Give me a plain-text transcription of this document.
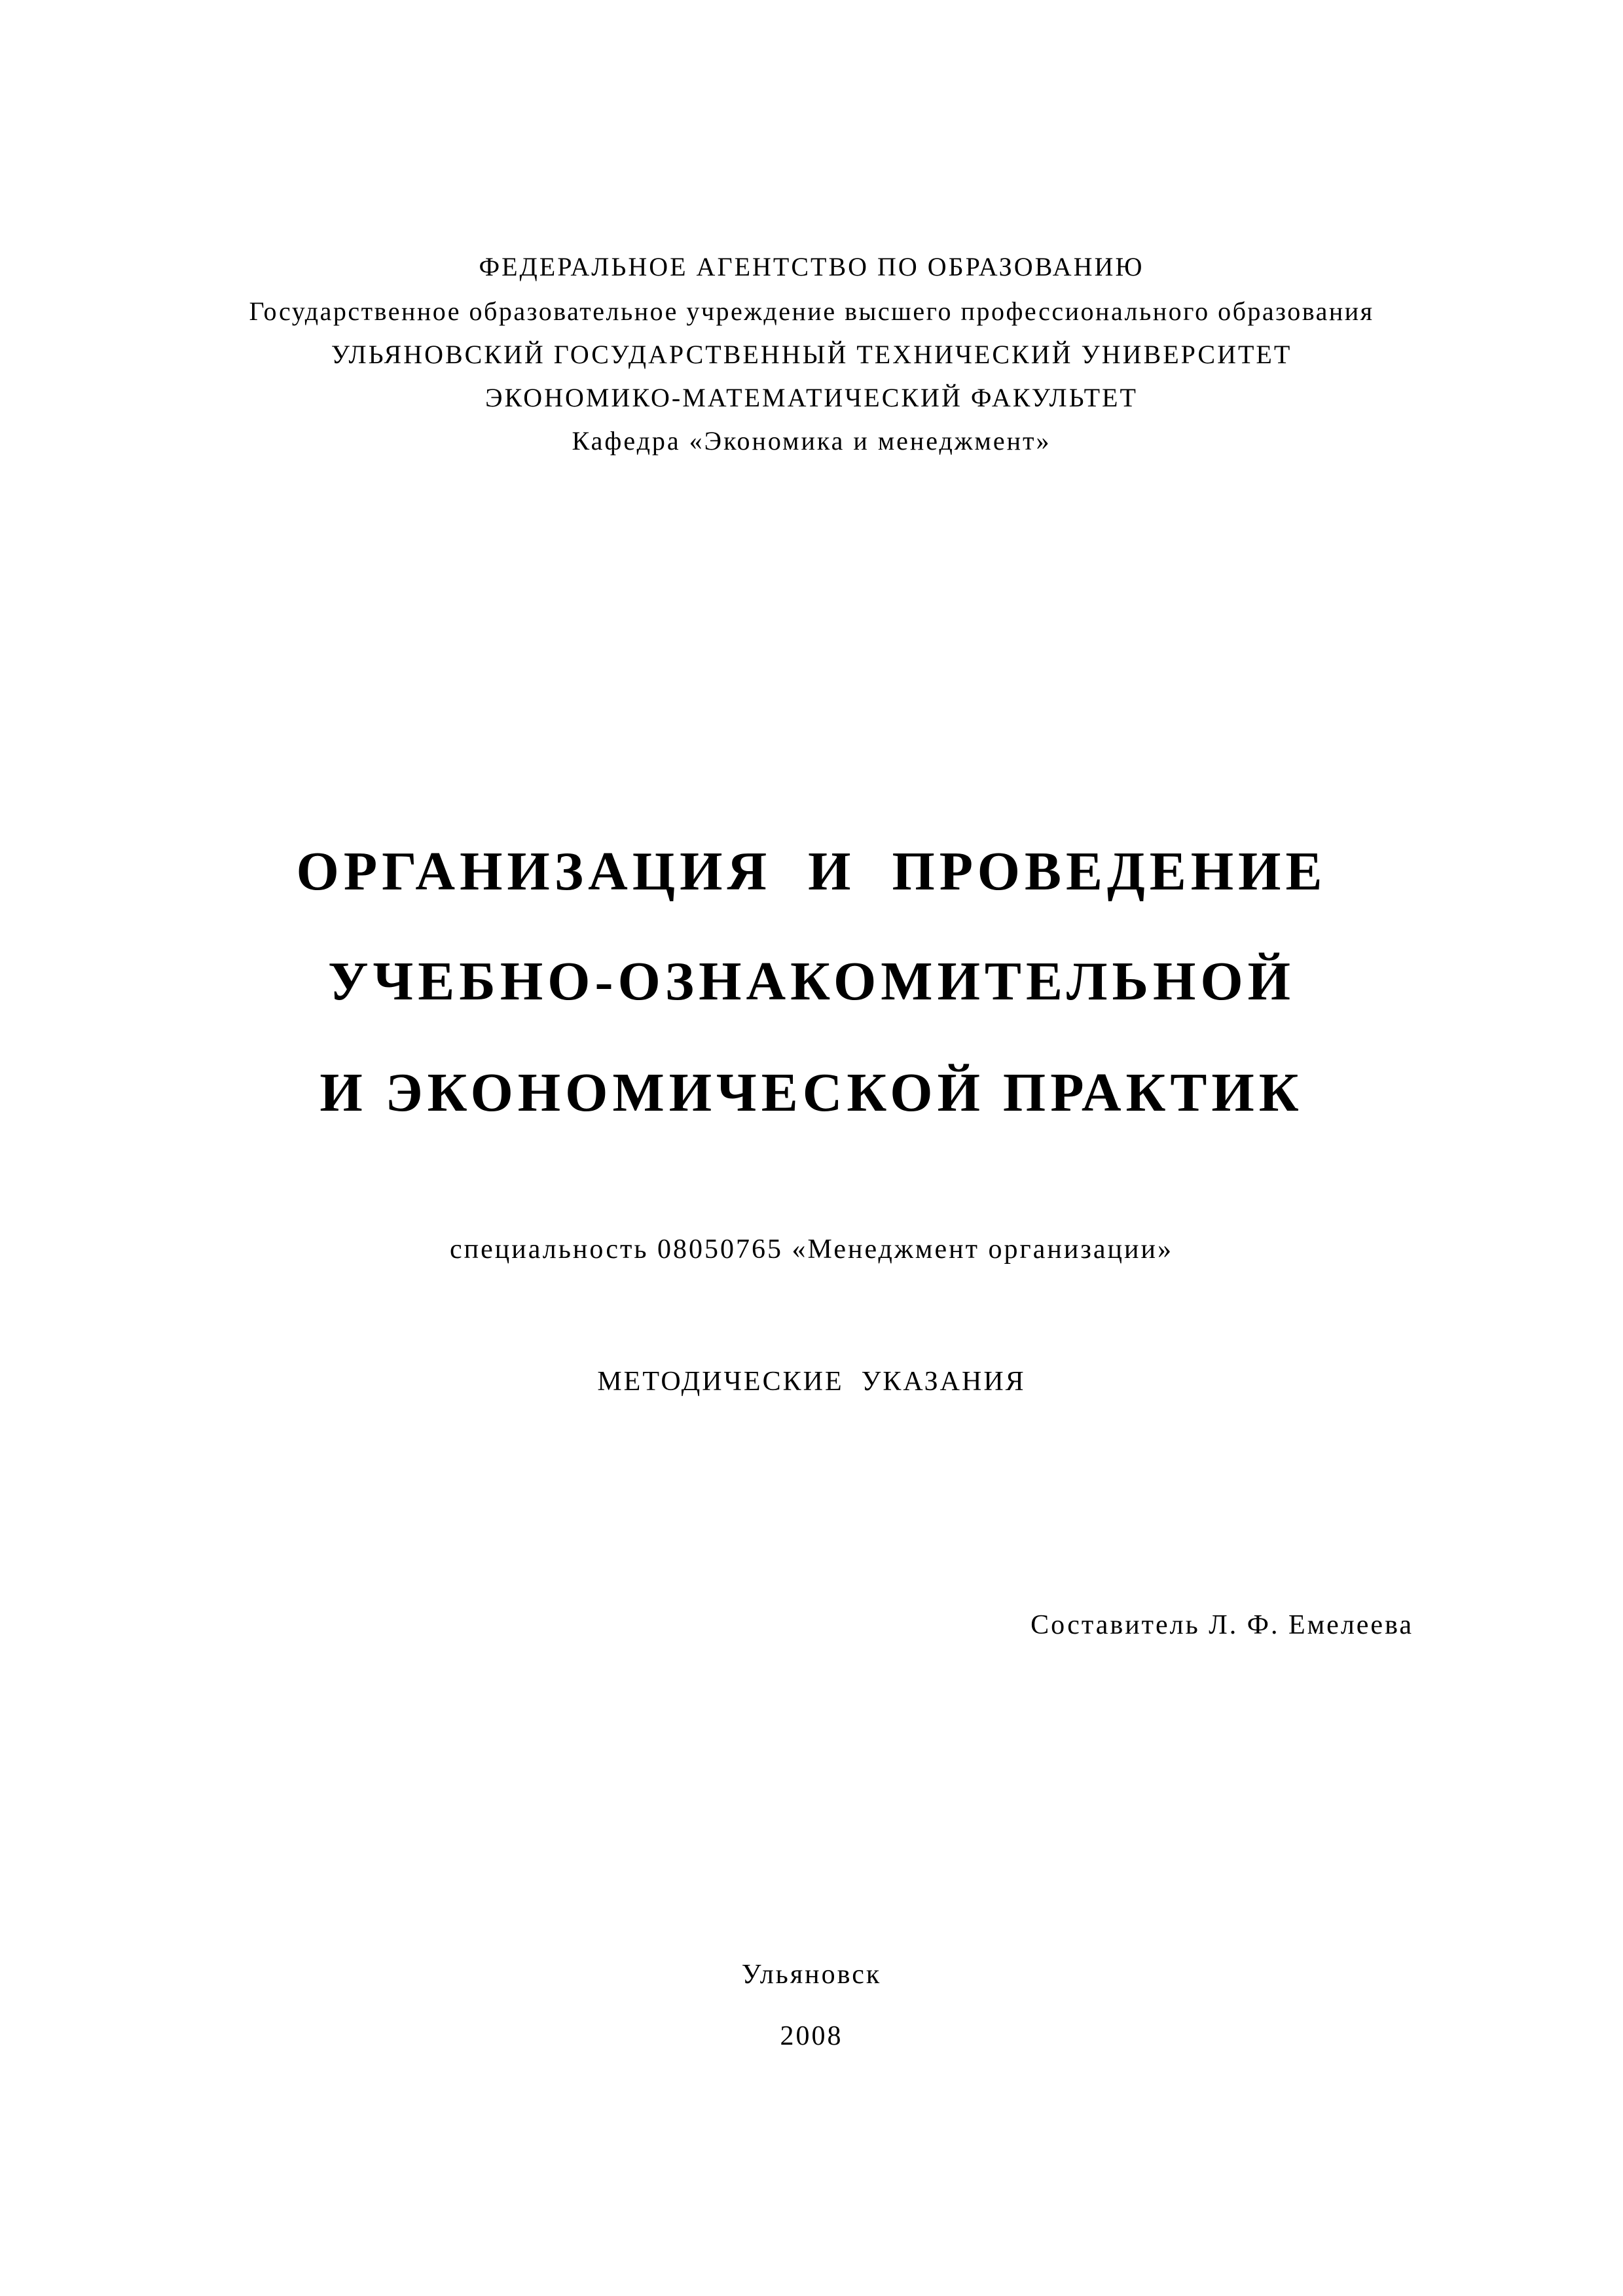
ФЕДЕРАЛЬНОЕ АГЕНТСТВО ПО ОБРАЗОВАНИЮ
Государственное образовательное учреждение высшего профессионального образования
УЛЬЯНОВСКИЙ ГОСУДАРСТВЕННЫЙ ТЕХНИЧЕСКИЙ УНИВЕРСИТЕТ
ЭКОНОМИКО-МАТЕМАТИЧЕСКИЙ ФАКУЛЬТЕТ
Кафедра «Экономика и менеджмент»
ОРГАНИЗАЦИЯ  И  ПРОВЕДЕНИЕ
УЧЕБНО-ОЗНАКОМИТЕЛЬНОЙ
И ЭКОНОМИЧЕСКОЙ ПРАКТИК
специальность 08050765 «Менеджмент организации»
МЕТОДИЧЕСКИЕ  УКАЗАНИЯ
Составитель Л. Ф. Емелеева
Ульяновск
2008
